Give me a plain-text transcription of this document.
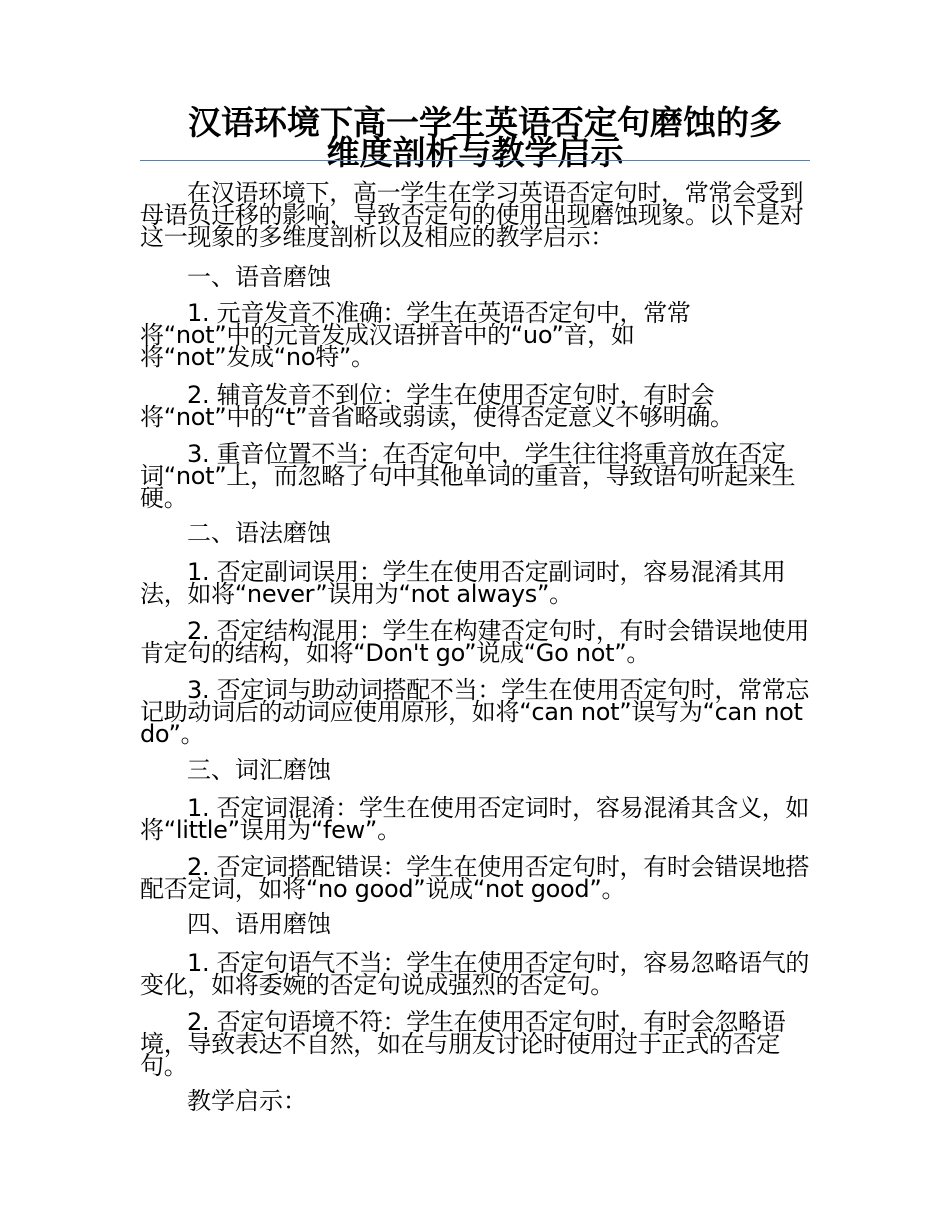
汉语环境下高一学生英语否定句磨蚀的多
维度剖析与教学启示

在汉语环境下，高一学生在学习英语否定句时，常常会受到母语负迁移的影响，导致否定句的使用出现磨蚀现象。以下是对这一现象的多维度剖析以及相应的教学启示：

一、语音磨蚀

1. 元音发音不准确：学生在英语否定句中，常常将“not”中的元音发成汉语拼音中的“uo”音，如将“not”发成“no特”。

2. 辅音发音不到位：学生在使用否定句时，有时会将“not”中的“t”音省略或弱读，使得否定意义不够明确。

3. 重音位置不当：在否定句中，学生往往将重音放在否定词“not”上，而忽略了句中其他单词的重音，导致语句听起来生硬。

二、语法磨蚀

1. 否定副词误用：学生在使用否定副词时，容易混淆其用法，如将“never”误用为“not always”。

2. 否定结构混用：学生在构建否定句时，有时会错误地使用肯定句的结构，如将“Don't go”说成“Go not”。

3. 否定词与助动词搭配不当：学生在使用否定句时，常常忘记助动词后的动词应使用原形，如将“can not”误写为“can not do”。

三、词汇磨蚀

1. 否定词混淆：学生在使用否定词时，容易混淆其含义，如将“little”误用为“few”。

2. 否定词搭配错误：学生在使用否定句时，有时会错误地搭配否定词，如将“no good”说成“not good”。

四、语用磨蚀

1. 否定句语气不当：学生在使用否定句时，容易忽略语气的变化，如将委婉的否定句说成强烈的否定句。

2. 否定句语境不符：学生在使用否定句时，有时会忽略语境，导致表达不自然，如在与朋友讨论时使用过于正式的否定句。

教学启示：
